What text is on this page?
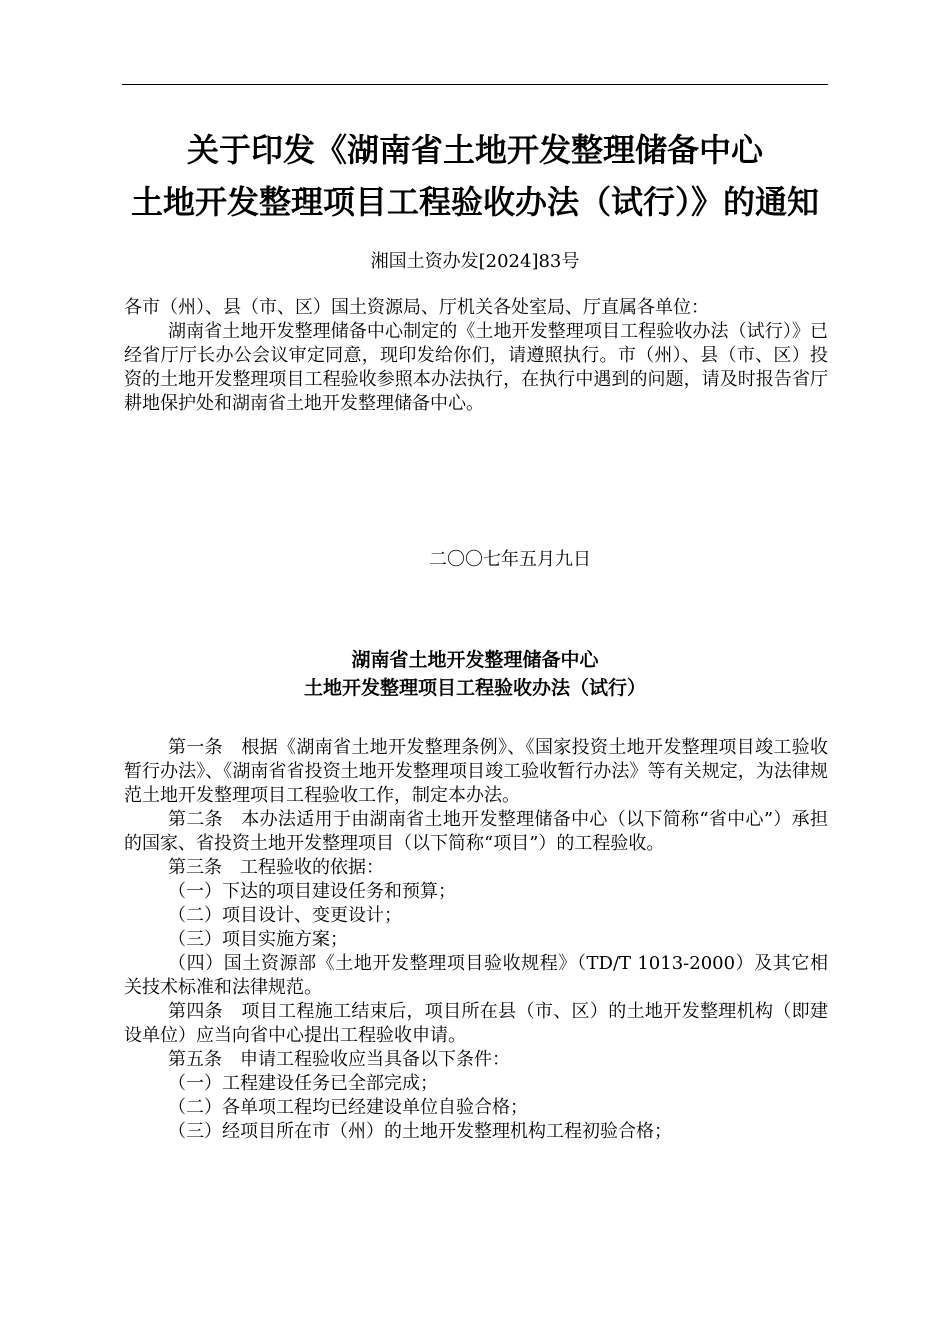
关于印发《湖南省土地开发整理储备中心
土地开发整理项目工程验收办法（试行）》的通知
湘国土资办发[2024]83号

各市（州）、县（市、区）国土资源局、厅机关各处室局、厅直属各单位：

湖南省土地开发整理储备中心制定的《土地开发整理项目工程验收办法（试行）》已经省厅厅长办公会议审定同意，现印发给你们，请遵照执行。市（州）、县（市、区）投资的土地开发整理项目工程验收参照本办法执行，在执行中遇到的问题，请及时报告省厅耕地保护处和湖南省土地开发整理储备中心。

二〇〇七年五月九日
湖南省土地开发整理储备中心
土地开发整理项目工程验收办法（试行）

第一条　根据《湖南省土地开发整理条例》、《国家投资土地开发整理项目竣工验收暂行办法》、《湖南省省投资土地开发整理项目竣工验收暂行办法》等有关规定，为法律规范土地开发整理项目工程验收工作，制定本办法。

第二条　本办法适用于由湖南省土地开发整理储备中心（以下简称“省中心”）承担的国家、省投资土地开发整理项目（以下简称“项目”）的工程验收。

第三条　工程验收的依据：

（一）下达的项目建设任务和预算；

（二）项目设计、变更设计；

（三）项目实施方案；

（四）国土资源部《土地开发整理项目验收规程》（TD/T 1013-2000）及其它相关技术标准和法律规范。

第四条　项目工程施工结束后，项目所在县（市、区）的土地开发整理机构（即建设单位）应当向省中心提出工程验收申请。

第五条　申请工程验收应当具备以下条件：

（一）工程建设任务已全部完成；

（二）各单项工程均已经建设单位自验合格；

（三）经项目所在市（州）的土地开发整理机构工程初验合格；
